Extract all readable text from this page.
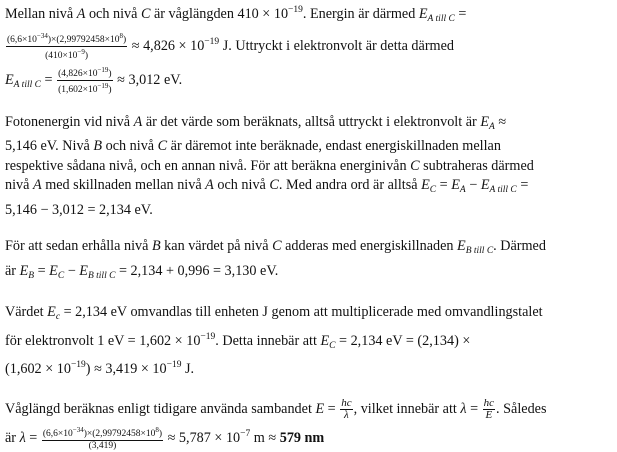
Mellan nivå A och nivå C är våglängden $410 \times 10^{-19}$. Energin är därmed $E_{A till C}$ =
$\frac{(6,6\times 10^{-34})\times(2,99792458\times 10^8)}{(410\times 10^{-9})} \approx 4,826 \times 10^{-19}$ J. Uttryckt i elektronvolt är detta därmed
$E_{A till C} = \frac{(4,826\times 10^{-19})}{(1,602\times 10^{-19})} \approx 3,012$ eV.
Fotonenergin vid nivå A är det värde som beräknats, alltså uttryckt i elektronvolt är $E_A$ ≈
5,146 eV. Nivå B och nivå C är däremot inte beräknade, endast energiskillnaden mellan
respektive sådana nivå, och en annan nivå. För att beräkna energinivån C subtraheras därmed
nivå A med skillnaden mellan nivå A och nivå C. Med andra ord är alltså $E_C = E_A - E_{A till C}$ =
5,146 − 3,012 = 2,134 eV.
För att sedan erhålla nivå B kan värdet på nivå C adderas med energiskillnaden $E_{B till C}$. Därmed
är $E_B = E_C - E_{B till C} = 2,134 + 0,996 = 3,130$ eV.
Värdet $E_c = 2,134$ eV omvandlas till enheten J genom att multiplicerade med omvandlingstalet
för elektronvolt 1 eV = $1,602 \times 10^{-19}$. Detta innebär att $E_C = 2,134$ eV = (2,134) ×
$(1,602 \times 10^{-19}) \approx 3,419 \times 10^{-19}$ J.
Våglängd beräknas enligt tidigare använda sambandet $E = \frac{hc}{\lambda}$ , vilket innebär att $\lambda = \frac{hc}{E}$ . Således
är $\lambda = \frac{(6,6\times 10^{-34})\times(2,99792458\times 10^8)}{(3,419)} \approx 5,787 \times 10^{-7}$ m ≈ 579 nm
